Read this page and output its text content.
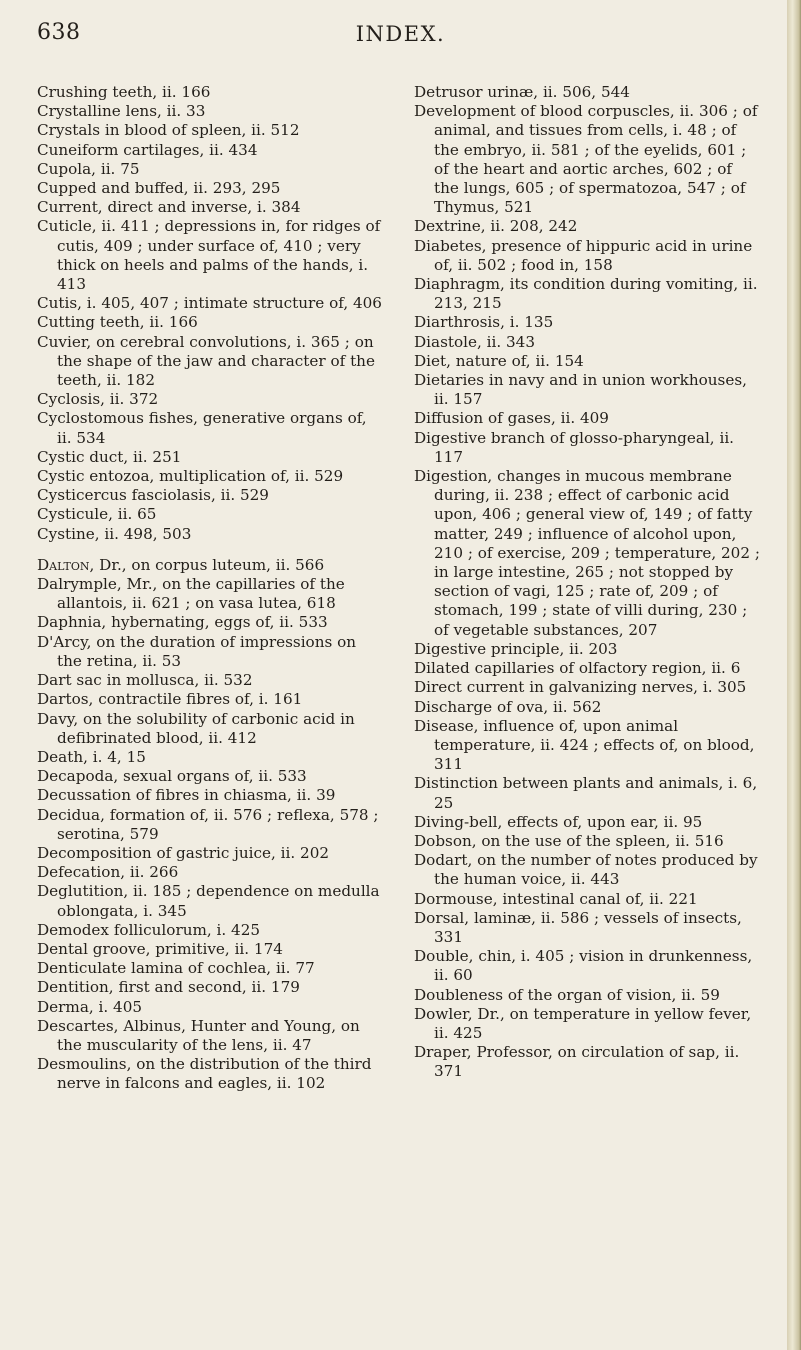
638	INDEX.

Crushing teeth, ii. 166

Crystalline lens, ii. 33

Crystals in blood of spleen, ii. 512

Cuneiform cartilages, ii. 434

Cupola, ii. 75

Cupped and buffed, ii. 293, 295

Current, direct and inverse, i. 384

Cuticle, ii. 411 ; depressions in, for ridges of cutis, 409 ; under surface of, 410 ; very thick on heels and palms of the hands, i. 413

Cutis, i. 405, 407 ; intimate structure of, 406

Cutting teeth, ii. 166

Cuvier, on cerebral convolutions, i. 365 ; on the shape of the jaw and character of the teeth, ii. 182

Cyclosis, ii. 372

Cyclostomous fishes, generative organs of, ii. 534

Cystic duct, ii. 251

Cystic entozoa, multiplication of, ii. 529

Cysticercus fasciolasis, ii. 529

Cysticule, ii. 65

Cystine, ii. 498, 503

Dalton, Dr., on corpus luteum, ii. 566

Dalrymple, Mr., on the capillaries of the allantois, ii. 621 ; on vasa lutea, 618

Daphnia, hybernating, eggs of, ii. 533

D'Arcy, on the duration of impressions on the retina, ii. 53

Dart sac in mollusca, ii. 532

Dartos, contractile fibres of, i. 161

Davy, on the solubility of carbonic acid in defibrinated blood, ii. 412

Death, i. 4, 15

Decapoda, sexual organs of, ii. 533

Decussation of fibres in chiasma, ii. 39

Decidua, formation of, ii. 576 ; reflexa, 578 ; serotina, 579

Decomposition of gastric juice, ii. 202

Defecation, ii. 266

Deglutition, ii. 185 ; dependence on medulla oblongata, i. 345

Demodex folliculorum, i. 425

Dental groove, primitive, ii. 174

Denticulate lamina of cochlea, ii. 77

Dentition, first and second, ii. 179

Derma, i. 405

Descartes, Albinus, Hunter and Young, on the muscularity of the lens, ii. 47

Desmoulins, on the distribution of the third nerve in falcons and eagles, ii. 102

Detrusor urinæ, ii. 506, 544

Development of blood corpuscles, ii. 306 ; of animal, and tissues from cells, i. 48 ; of the embryo, ii. 581 ; of the eyelids, 601 ; of the heart and aortic arches, 602 ; of the lungs, 605 ; of spermatozoa, 547 ; of Thymus, 521

Dextrine, ii. 208, 242

Diabetes, presence of hippuric acid in urine of, ii. 502 ; food in, 158

Diaphragm, its condition during vomiting, ii. 213, 215

Diarthrosis, i. 135

Diastole, ii. 343

Diet, nature of, ii. 154

Dietaries in navy and in union workhouses, ii. 157

Diffusion of gases, ii. 409

Digestive branch of glosso-pharyngeal, ii. 117

Digestion, changes in mucous membrane during, ii. 238 ; effect of carbonic acid upon, 406 ; general view of, 149 ; of fatty matter, 249 ; influence of alcohol upon, 210 ; of exercise, 209 ; temperature, 202 ; in large intestine, 265 ; not stopped by section of vagi, 125 ; rate of, 209 ; of stomach, 199 ; state of villi during, 230 ; of vegetable substances, 207

Digestive principle, ii. 203

Dilated capillaries of olfactory region, ii. 6

Direct current in galvanizing nerves, i. 305

Discharge of ova, ii. 562

Disease, influence of, upon animal temperature, ii. 424 ; effects of, on blood, 311

Distinction between plants and animals, i. 6, 25

Diving-bell, effects of, upon ear, ii. 95

Dobson, on the use of the spleen, ii. 516

Dodart, on the number of notes produced by the human voice, ii. 443

Dormouse, intestinal canal of, ii. 221

Dorsal, laminæ, ii. 586 ; vessels of insects, 331

Double, chin, i. 405 ; vision in drunkenness, ii. 60

Doubleness of the organ of vision, ii. 59

Dowler, Dr., on temperature in yellow fever, ii. 425

Draper, Professor, on circulation of sap, ii. 371
